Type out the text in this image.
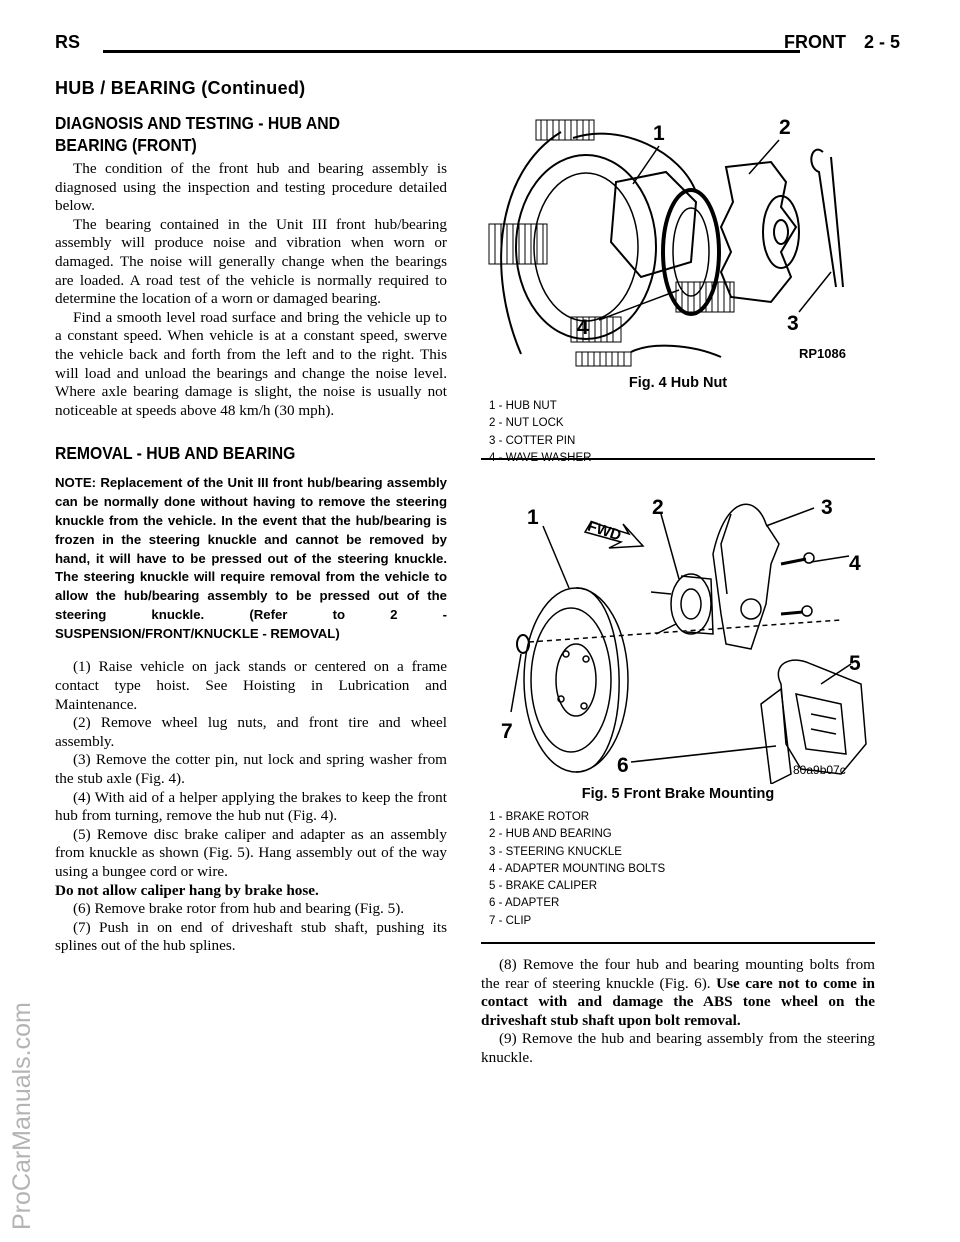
ProCarManuals.com
RS	FRONT 2 - 5
HUB / BEARING (Continued)
DIAGNOSIS AND TESTING - HUB AND
BEARING (FRONT)

The condition of the front hub and bearing assembly is diagnosed using the inspection and testing procedure detailed below.

The bearing contained in the Unit III front hub/bearing assembly will produce noise and vibration when worn or damaged. The noise will generally change when the bearings are loaded. A road test of the vehicle is normally required to determine the location of a worn or damaged bearing.

Find a smooth level road surface and bring the vehicle up to a constant speed. When vehicle is at a constant speed, swerve the vehicle back and forth from the left and to the right. This will load and unload the bearings and change the noise level. Where axle bearing damage is slight, the noise is usually not noticeable at speeds above 48 km/h (30 mph).

REMOVAL - HUB AND BEARING

NOTE: Replacement of the Unit III front hub/bearing assembly can be normally done without having to remove the steering knuckle from the vehicle. In the event that the hub/bearing is frozen in the steering knuckle and cannot be removed by hand, it will have to be pressed out of the steering knuckle. The steering knuckle will require removal from the vehicle to allow the hub/bearing assembly to be pressed out of the steering knuckle. (Refer to 2 - SUSPENSION/FRONT/KNUCKLE - REMOVAL)

(1) Raise vehicle on jack stands or centered on a frame contact type hoist. See Hoisting in Lubrication and Maintenance.

(2) Remove wheel lug nuts, and front tire and wheel assembly.

(3) Remove the cotter pin, nut lock and spring washer from the stub axle (Fig. 4).

(4) With aid of a helper applying the brakes to keep the front hub from turning, remove the hub nut (Fig. 4).

(5) Remove disc brake caliper and adapter as an assembly from knuckle as shown (Fig. 5). Hang assembly out of the way using a bungee cord or wire.

Do not allow caliper hang by brake hose.

(6) Remove brake rotor from hub and bearing (Fig. 5).

(7) Push in on end of driveshaft stub shaft, pushing its splines out of the hub splines.

1	2
3
4
RP1086
Fig. 4 Hub Nut
1 - HUB NUT
2 - NUT LOCK
3 - COTTER PIN
4 - WAVE WASHER
FWD
1	2	3
4
5
6
7
80a9b07c
Fig. 5 Front Brake Mounting
1 - BRAKE ROTOR
2 - HUB AND BEARING
3 - STEERING KNUCKLE
4 - ADAPTER MOUNTING BOLTS
5 - BRAKE CALIPER
6 - ADAPTER
7 - CLIP

(8) Remove the four hub and bearing mounting bolts from the rear of steering knuckle (Fig. 6). Use care not to come in contact with and damage the ABS tone wheel on the driveshaft stub shaft upon bolt removal.

(9) Remove the hub and bearing assembly from the steering knuckle.
